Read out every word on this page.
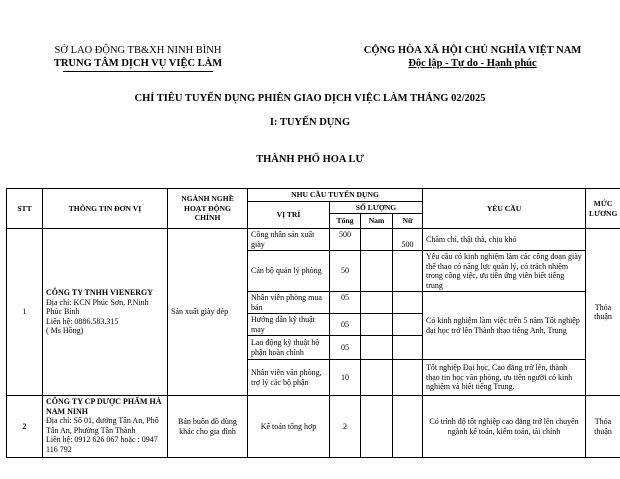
SỞ LAO ĐỘNG TB&XH NINH BÌNH
TRUNG TÂM DỊCH VỤ VIỆC LÀM
CỘNG HÒA XÃ HỘI CHỦ NGHĨA VIỆT NAM
Độc lập - Tự do - Hạnh phúc
CHỈ TIÊU TUYỂN DỤNG PHIÊN GIAO DỊCH VIỆC LÀM THÁNG 02/2025
I: TUYỂN DỤNG
THÀNH PHỐ HOA LƯ
STT	THÔNG TIN ĐƠN VỊ	NGÀNH NGHỀ HOẠT ĐỘNG CHÍNH	NHU CẦU TUYỂN DỤNG				YÊU CẦU	MỨC LƯƠNG
			VỊ TRÍ	SỐ LƯỢNG				
				Tổng	Nam	Nữ		
1	CÔNG TY TNHH VIENERGY
Địa chỉ: KCN Phúc Sơn, P.Ninh Phúc Bình
Liên hệ: 0886.583.315
( Ms Hồng)	Sản xuất giày dép	Công nhân sản xuất giày	500		500	Chăm chỉ, thật thà, chịu khó	Thỏa thuận
			Cán bộ quản lý phòng	50			Yêu cầu có kinh nghiệm làm các công đoạn giày thể thao có năng lực quản lý, có trách nhiệm trong công việc, ưu tiên ứng viên biết tiếng trung	
			Nhân viên phòng mua bán	05			Có kinh nghiệm làm việc trên 5 năm Tốt nghiệp đại học trở lên Thành thạo tiếng Anh, Trung	
			Hướng dẫn kỹ thuật may	05				
			Lao động kỹ thuật bộ phận hoàn chỉnh	05				
			Nhân viên văn phòng, trợ lý các bộ phận	10			Tốt nghiệp Đại học, Cao đẳng trở lên, thành thạo tin học văn phòng, ưu tiên người có kinh nghiệm và biết tiếng Trung.	
2	CÔNG TY CP DƯỢC PHẨM HÀ NAM NINH
Địa chỉ: Số 01, đường Tân An, Phố Tân An, Phường Tân Thành
Liên hệ: 0912 626 067 hoặc : 0947 116 792	Bán buôn đồ dùng khác cho gia đình	Kế toán tổng hợp	2			Có trình độ tốt nghiệp cao đẳng trở lên chuyên ngành kế toán, kiểm toán, tài chính	Thỏa thuận
